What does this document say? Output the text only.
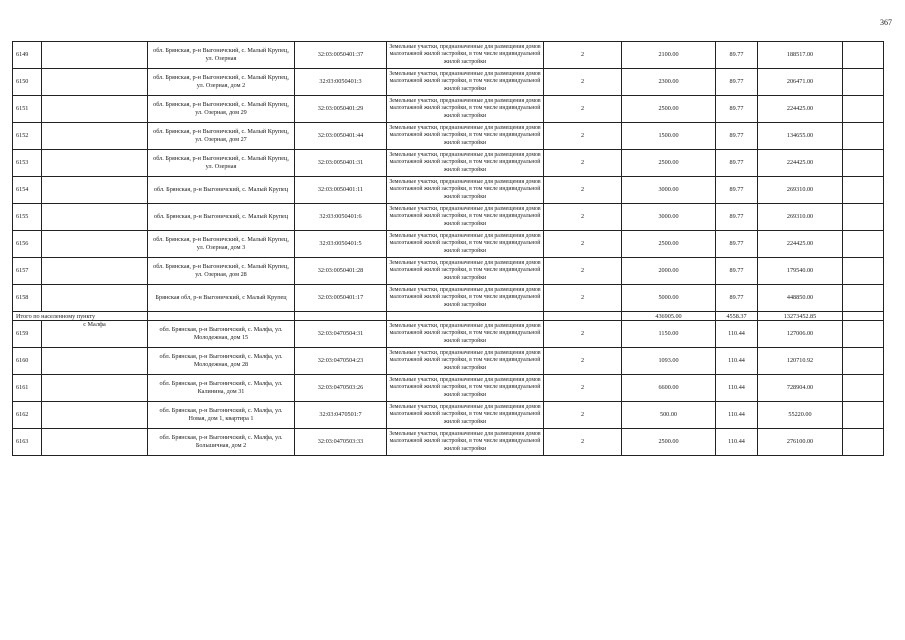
367
6149		обл. Брянская, р-н Выгоничский, с. Малый Крупец, ул. Озерная	32:03:0050401:37	Земельные участки, предназначенные для размещения домов малоэтажной жилой застройки, в том числе индивидуальной жилой застройки	2	2100.00	89.77	188517.00	
6150		обл. Брянская, р-н Выгоничский, с. Малый Крупец, ул. Озерная, дом 2	32:03:0050401:3	Земельные участки, предназначенные для размещения домов малоэтажной жилой застройки, в том числе индивидуальной жилой застройки	2	2300.00	89.77	206471.00	
6151		обл. Брянская, р-н Выгоничский, с. Малый Крупец, ул. Озерная, дом 29	32:03:0050401:29	Земельные участки, предназначенные для размещения домов малоэтажной жилой застройки, в том числе индивидуальной жилой застройки	2	2500.00	89.77	224425.00	
6152		обл. Брянская, р-н Выгоничский, с. Малый Крупец, ул. Озерная, дом 27	32:03:0050401:44	Земельные участки, предназначенные для размещения домов малоэтажной жилой застройки, в том числе индивидуальной жилой застройки	2	1500.00	89.77	134655.00	
6153		обл. Брянская, р-н Выгоничский, с. Малый Крупец, ул. Озерная	32:03:0050401:31	Земельные участки, предназначенные для размещения домов малоэтажной жилой застройки, в том числе индивидуальной жилой застройки	2	2500.00	89.77	224425.00	
6154		обл. Брянская, р-н Выгоничский, с. Малый Крупец	32:03:0050401:11	Земельные участки, предназначенные для размещения домов малоэтажной жилой застройки, в том числе индивидуальной жилой застройки	2	3000.00	89.77	269310.00	
6155		обл. Брянская, р-н Выгоничский, с. Малый Крупец	32:03:0050401:6	Земельные участки, предназначенные для размещения домов малоэтажной жилой застройки, в том числе индивидуальной жилой застройки	2	3000.00	89.77	269310.00	
6156		обл. Брянская, р-н Выгоничский, с. Малый Крупец, ул. Озерная, дом 3	32:03:0050401:5	Земельные участки, предназначенные для размещения домов малоэтажной жилой застройки, в том числе индивидуальной жилой застройки	2	2500.00	89.77	224425.00	
6157		обл. Брянская, р-н Выгоничский, с. Малый Крупец, ул. Озерная, дом 28	32:03:0050401:28	Земельные участки, предназначенные для размещения домов малоэтажной жилой застройки, в том числе индивидуальной жилой застройки	2	2000.00	89.77	179540.00	
6158		Брянская обл, р-н Выгоничский, с Малый Крупец	32:03:0050401:17	Земельные участки, предназначенные для размещения домов малоэтажной жилой застройки, в том числе индивидуальной жилой застройки	2	5000.00	89.77	448850.00	
Итого по населенному пункту						436905.00	4558.37	13273452.85	
6159	с Малфа	обл. Брянская, р-н Выгоничский, с. Малфа, ул. Молодежная, дом 15	32:03:0470504:31	Земельные участки, предназначенные для размещения домов малоэтажной жилой застройки, в том числе индивидуальной жилой застройки	2	1150.00	110.44	127006.00	
6160		обл. Брянская, р-н Выгоничский, с. Малфа, ул. Молодежная, дом 28	32:03:0470504:23	Земельные участки, предназначенные для размещения домов малоэтажной жилой застройки, в том числе индивидуальной жилой застройки	2	1093.00	110.44	120710.92	
6161		обл. Брянская, р-н Выгоничский, с. Малфа, ул. Калинина, дом 31	32:03:0470503:26	Земельные участки, предназначенные для размещения домов малоэтажной жилой застройки, в том числе индивидуальной жилой застройки	2	6600.00	110.44	728904.00	
6162		обл. Брянская, р-н Выгоничский, с. Малфа, ул. Новая, дом 1, квартира 1	32:03:0470501:7	Земельные участки, предназначенные для размещения домов малоэтажной жилой застройки, в том числе индивидуальной жилой застройки	2	500.00	110.44	55220.00	
6163		обл. Брянская, р-н Выгоничский, с. Малфа, ул. Большичная, дом 2	32:03:0470503:33	Земельные участки, предназначенные для размещения домов малоэтажной жилой застройки, в том числе индивидуальной жилой застройки	2	2500.00	110.44	276100.00	
